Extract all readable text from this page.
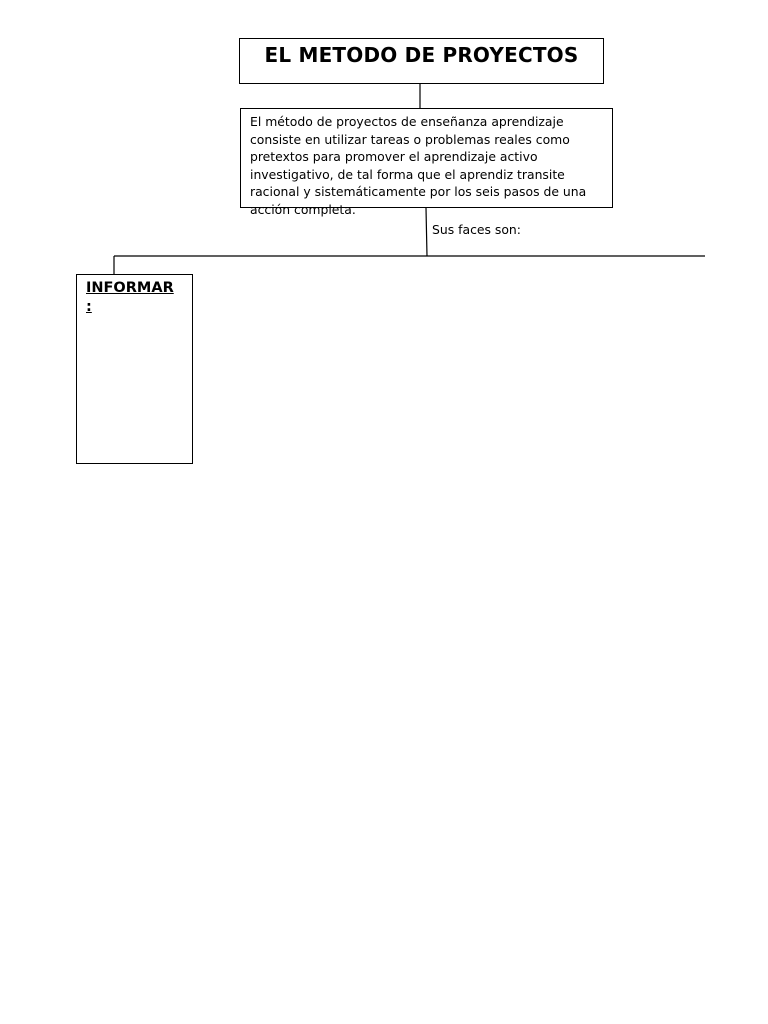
EL METODO DE PROYECTOS
El método de proyectos de enseñanza aprendizaje consiste en utilizar tareas o problemas reales como pretextos para promover el aprendizaje activo investigativo, de tal forma que el aprendiz transite racional y sistemáticamente por los seis pasos de una acción completa.
Sus faces son:
INFORMAR :
